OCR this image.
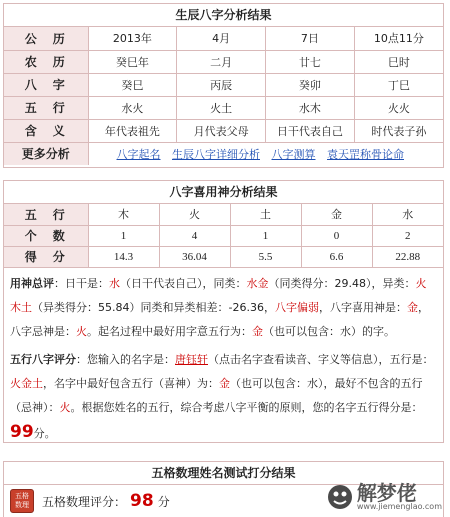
生辰八字分析结果
公　历	2013年	4月	7日	10点11分
农　历	癸巳年	二月	廿七	巳时
八　字	癸巳	丙辰	癸卯	丁巳
五　行	水火	火土	水木	火火
含　义	年代表祖先	月代表父母	日干代表自己	时代表子孙
更多分析	八字起名 生辰八字详细分析 八字测算 袁天罡称骨论命			
八字喜用神分析结果
五　行	木	火	土	金	水
个　数	1	4	1	0	2
得　分	14.3	36.04	5.5	6.6	22.88
用神总评：日干是：水（日干代表自己），同类：水金（同类得分：29.48），异类：火木土（异类得分：55.84）同类和异类相差：-26.36，八字偏弱，八字喜用神是：金，八字忌神是：火。起名过程中最好用字意五行为：金（也可以包含：水）的字。
五行八字评分：您输入的名字是：唐钰轩（点击名字查看读音、字义等信息），五行是：火金土，名字中最好包含五行（喜神）为：金（也可以包含：水），最好不包含的五行（忌神）：火。根据您姓名的五行，综合考虑八字平衡的原则，您的名字五行得分是：99分。
五格数理姓名测试打分结果
五格数理 五格数理评分： 98 分	解梦佬
www.jiemenglao.com
